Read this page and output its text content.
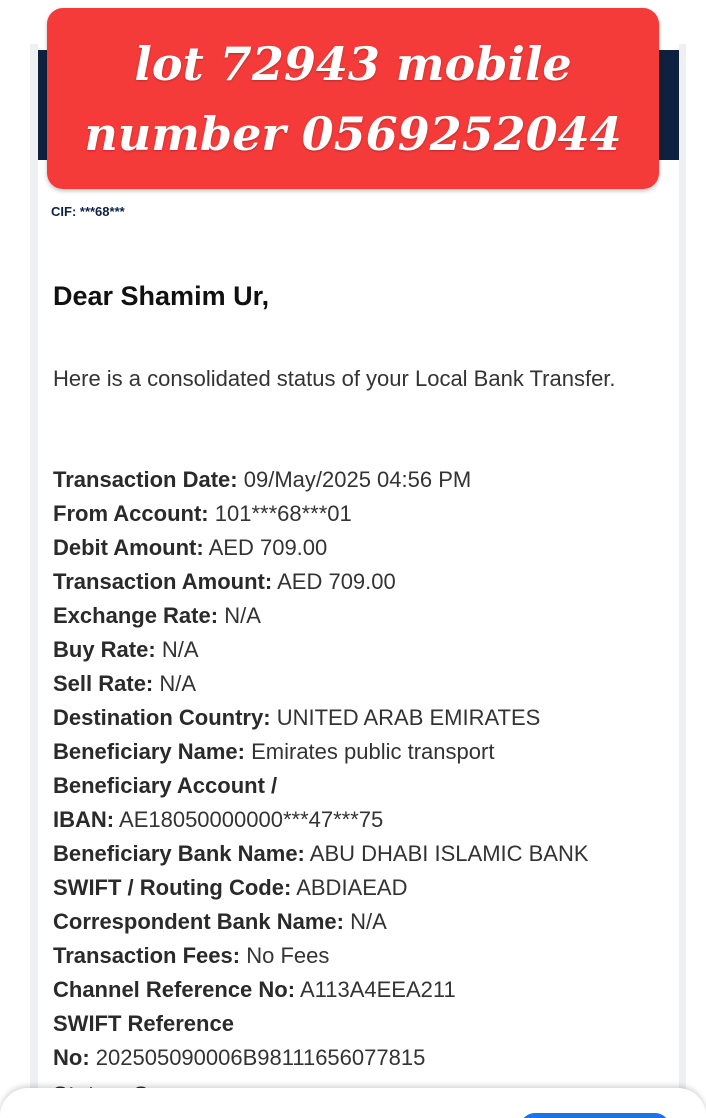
lot 72943 mobile
number 0569252044
CIF: ***68***
Dear Shamim Ur,
Here is a consolidated status of your Local Bank Transfer.
Transaction Date: 09/May/2025 04:56 PM
From Account: 101***68***01
Debit Amount: AED 709.00
Transaction Amount: AED 709.00
Exchange Rate: N/A
Buy Rate: N/A
Sell Rate: N/A
Destination Country: UNITED ARAB EMIRATES
Beneficiary Name: Emirates public transport
Beneficiary Account /
IBAN: AE18050000000***47***75
Beneficiary Bank Name: ABU DHABI ISLAMIC BANK
SWIFT / Routing Code: ABDIAEAD
Correspondent Bank Name: N/A
Transaction Fees: No Fees
Channel Reference No: A113A4EEA211
SWIFT Reference
No: 202505090006B98111656077815
